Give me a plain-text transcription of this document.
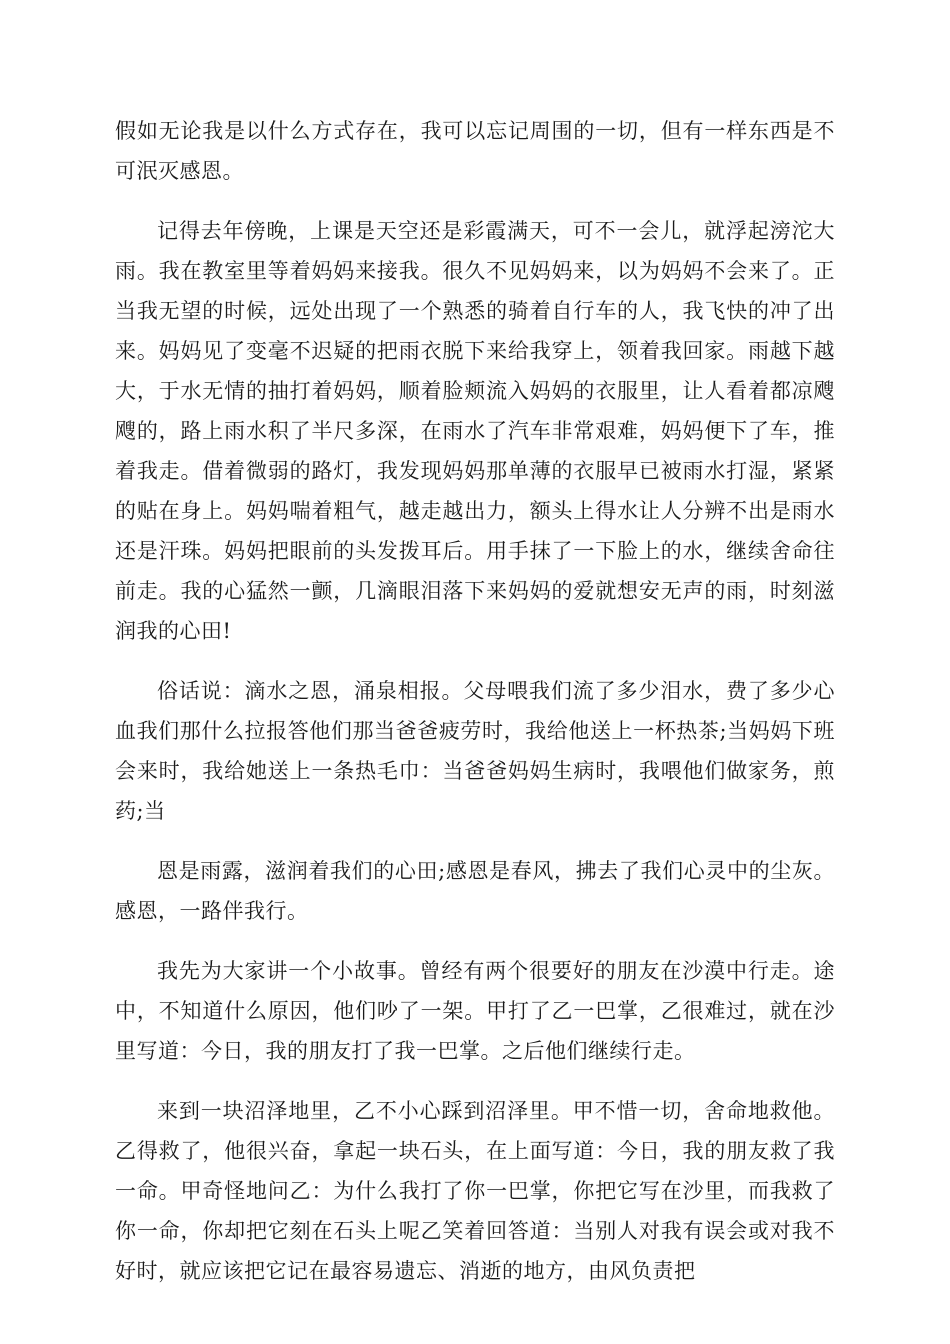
假如无论我是以什么方式存在，我可以忘记周围的一切，但有一样东西是不可泯灭感恩。

记得去年傍晚，上课是天空还是彩霞满天，可不一会儿，就浮起滂沱大雨。我在教室里等着妈妈来接我。很久不见妈妈来，以为妈妈不会来了。正当我无望的时候，远处出现了一个熟悉的骑着自行车的人，我飞快的冲了出来。妈妈见了变毫不迟疑的把雨衣脱下来给我穿上，领着我回家。雨越下越大，于水无情的抽打着妈妈，顺着脸颊流入妈妈的衣服里，让人看着都凉飕飕的，路上雨水积了半尺多深，在雨水了汽车非常艰难，妈妈便下了车，推着我走。借着微弱的路灯，我发现妈妈那单薄的衣服早已被雨水打湿，紧紧的贴在身上。妈妈喘着粗气，越走越出力，额头上得水让人分辨不出是雨水还是汗珠。妈妈把眼前的头发拨耳后。用手抹了一下脸上的水，继续舍命往前走。我的心猛然一颤，几滴眼泪落下来妈妈的爱就想安无声的雨，时刻滋润我的心田!

俗话说：滴水之恩，涌泉相报。父母喂我们流了多少泪水，费了多少心血我们那什么拉报答他们那当爸爸疲劳时，我给他送上一杯热茶;当妈妈下班会来时，我给她送上一条热毛巾：当爸爸妈妈生病时，我喂他们做家务，煎药;当

恩是雨露，滋润着我们的心田;感恩是春风，拂去了我们心灵中的尘灰。感恩，一路伴我行。

我先为大家讲一个小故事。曾经有两个很要好的朋友在沙漠中行走。途中，不知道什么原因，他们吵了一架。甲打了乙一巴掌，乙很难过，就在沙里写道：今日，我的朋友打了我一巴掌。之后他们继续行走。

来到一块沼泽地里，乙不小心踩到沼泽里。甲不惜一切，舍命地救他。乙得救了，他很兴奋，拿起一块石头，在上面写道：今日，我的朋友救了我一命。甲奇怪地问乙：为什么我打了你一巴掌，你把它写在沙里，而我救了你一命，你却把它刻在石头上呢乙笑着回答道：当别人对我有误会或对我不好时，就应该把它记在最容易遗忘、消逝的地方，由风负责把
